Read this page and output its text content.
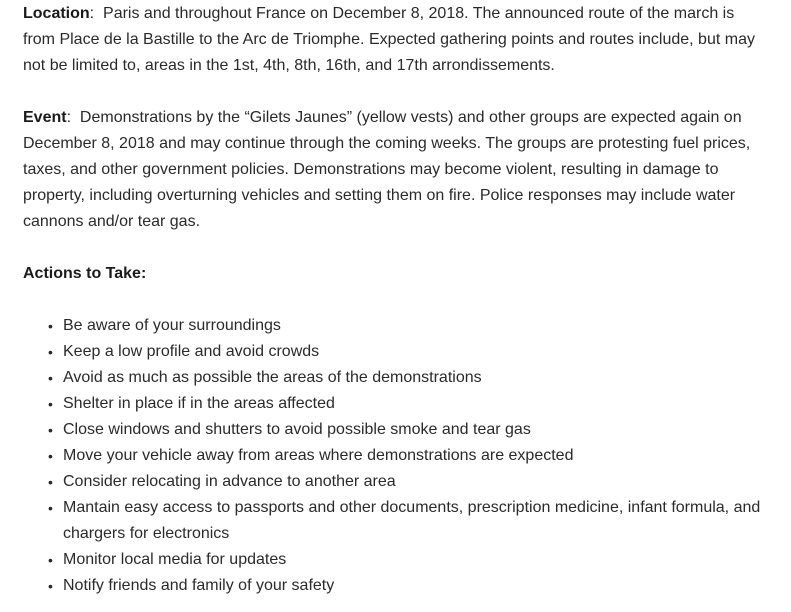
Location:  Paris and throughout France on December 8, 2018. The announced route of the march is from Place de la Bastille to the Arc de Triomphe. Expected gathering points and routes include, but may not be limited to, areas in the 1st, 4th, 8th, 16th, and 17th arrondissements.

Event:  Demonstrations by the “Gilets Jaunes” (yellow vests) and other groups are expected again on December 8, 2018 and may continue through the coming weeks. The groups are protesting fuel prices, taxes, and other government policies. Demonstrations may become violent, resulting in damage to property, including overturning vehicles and setting them on fire. Police responses may include water cannons and/or tear gas.

Actions to Take:

• Be aware of your surroundings
• Keep a low profile and avoid crowds
• Avoid as much as possible the areas of the demonstrations
• Shelter in place if in the areas affected
• Close windows and shutters to avoid possible smoke and tear gas
• Move your vehicle away from areas where demonstrations are expected
• Consider relocating in advance to another area
• Mantain easy access to passports and other documents, prescription medicine, infant formula, and chargers for electronics
• Monitor local media for updates
• Notify friends and family of your safety
